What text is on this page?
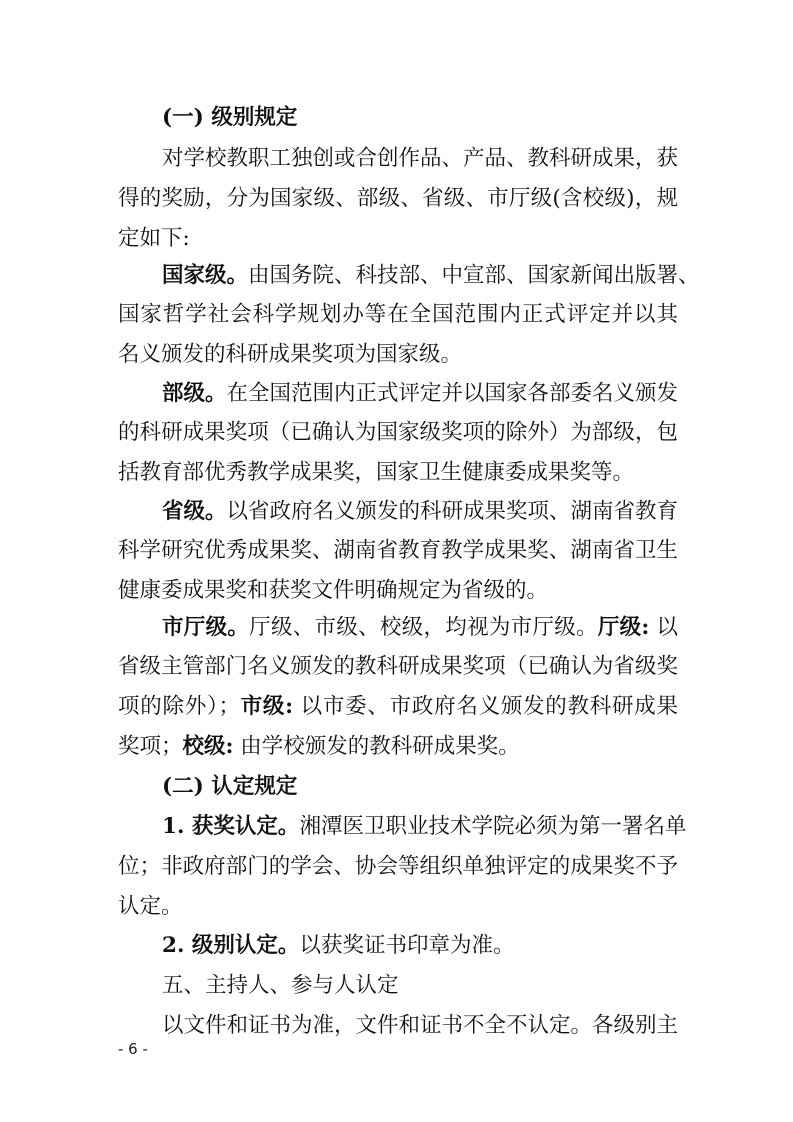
(一) 级别规定
对学校教职工独创或合创作品、产品、教科研成果，获
得的奖励，分为国家级、部级、省级、市厅级(含校级)，规
定如下:
国家级。由国务院、科技部、中宣部、国家新闻出版署、
国家哲学社会科学规划办等在全国范围内正式评定并以其
名义颁发的科研成果奖项为国家级。
部级。在全国范围内正式评定并以国家各部委名义颁发
的科研成果奖项（已确认为国家级奖项的除外）为部级，包
括教育部优秀教学成果奖，国家卫生健康委成果奖等。
省级。以省政府名义颁发的科研成果奖项、湖南省教育
科学研究优秀成果奖、湖南省教育教学成果奖、湖南省卫生
健康委成果奖和获奖文件明确规定为省级的。
市厅级。厅级、市级、校级，均视为市厅级。厅级: 以
省级主管部门名义颁发的教科研成果奖项（已确认为省级奖
项的除外）；市级: 以市委、市政府名义颁发的教科研成果
奖项；校级: 由学校颁发的教科研成果奖。
(二) 认定规定
1. 获奖认定。湘潭医卫职业技术学院必须为第一署名单
位；非政府部门的学会、协会等组织单独评定的成果奖不予
认定。
2. 级别认定。以获奖证书印章为准。
五、主持人、参与人认定
以文件和证书为准，文件和证书不全不认定。各级别主
- 6 -
